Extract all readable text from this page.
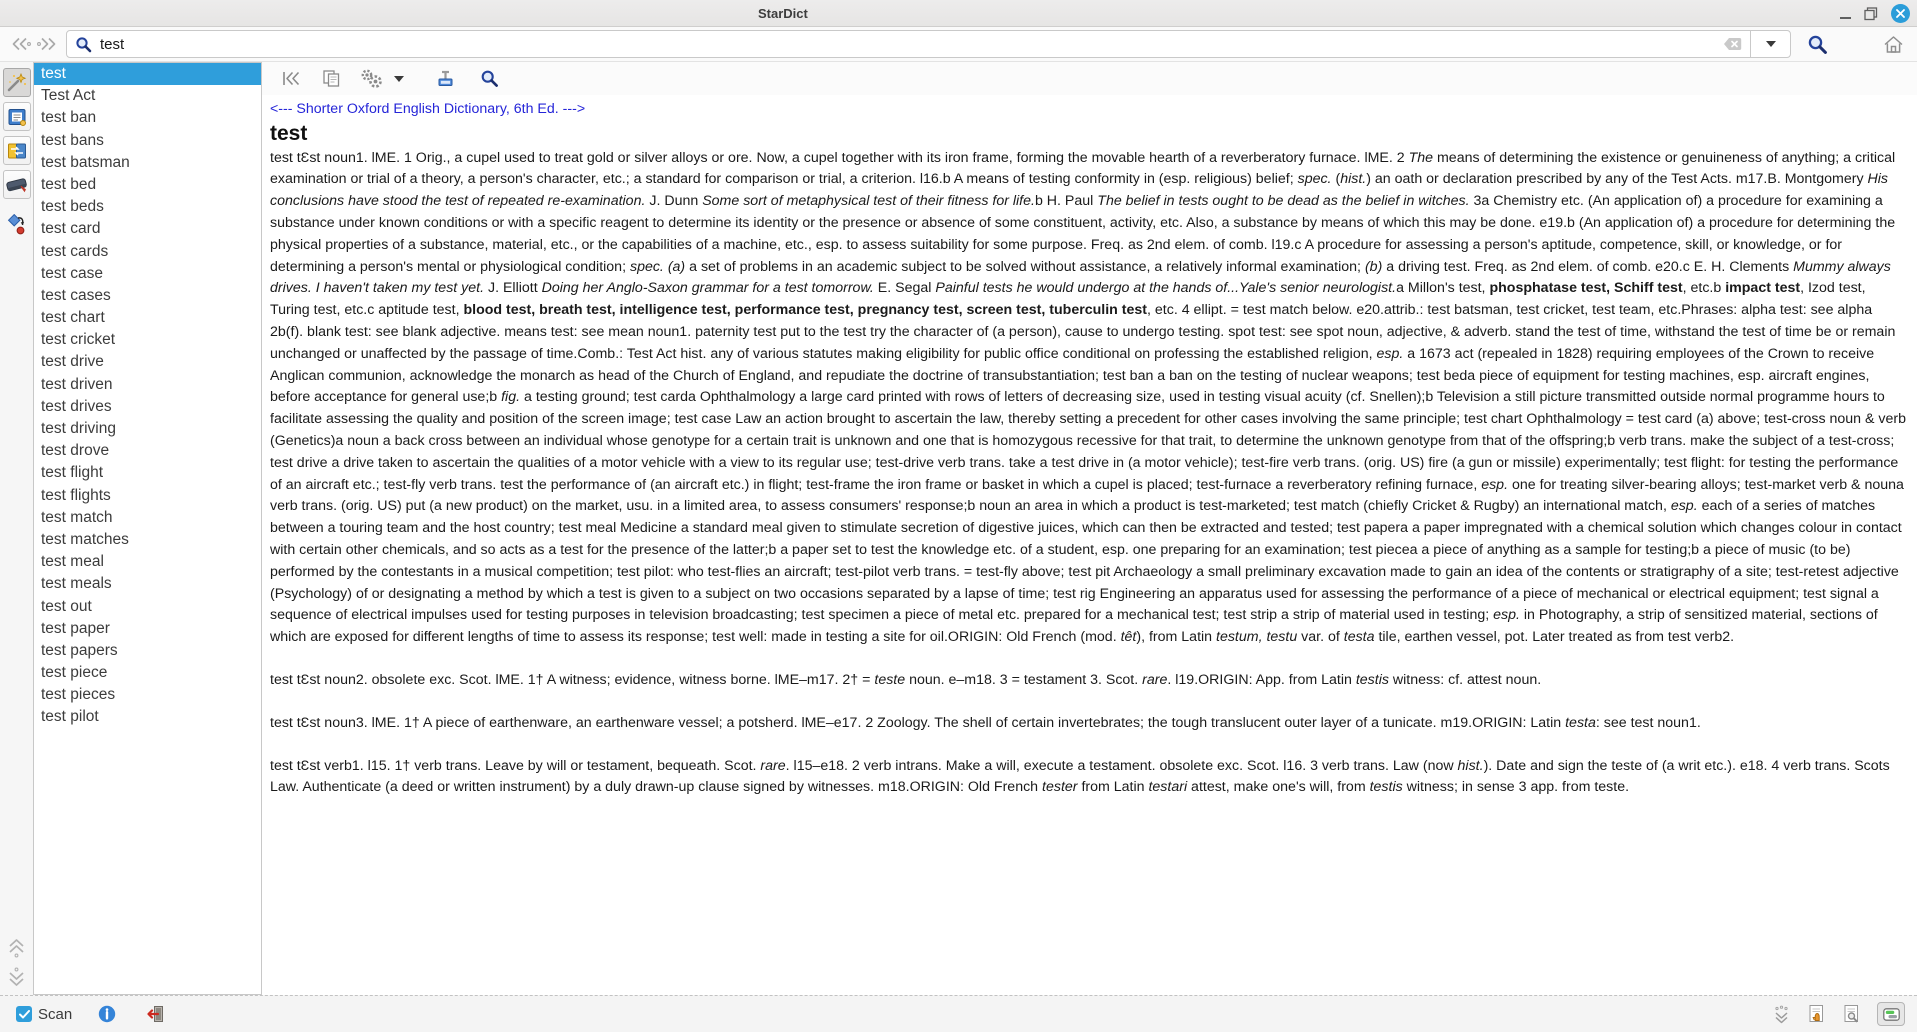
StarDict
test
test
Test Act
test ban
test bans
test batsman
test bed
test beds
test card
test cards
test case
test cases
test chart
test cricket
test drive
test driven
test drives
test driving
test drove
test flight
test flights
test match
test matches
test meal
test meals
test out
test paper
test papers
test piece
test pieces
test pilot
<--- Shorter Oxford English Dictionary, 6th Ed. --->
test
test tƐst noun1. lME. 1 Orig., a cupel used to treat gold or silver alloys or ore. Now, a cupel together with its iron frame, forming the movable hearth of a reverberatory furnace. lME. 2 The means of determining the existence or genuineness of anything; a critical examination or trial of a theory, a person's character, etc.; a standard for comparison or trial, a criterion. l16.b A means of testing conformity in (esp. religious) belief; spec. (hist.) an oath or declaration prescribed by any of the Test Acts. m17.B. Montgomery His conclusions have stood the test of repeated re-examination. J. Dunn Some sort of metaphysical test of their fitness for life.b H. Paul The belief in tests ought to be dead as the belief in witches. 3a Chemistry etc. (An application of) a procedure for examining a substance under known conditions or with a specific reagent to determine its identity or the presence or absence of some constituent, activity, etc. Also, a substance by means of which this may be done. e19.b (An application of) a procedure for determining the physical properties of a substance, material, etc., or the capabilities of a machine, etc., esp. to assess suitability for some purpose. Freq. as 2nd elem. of comb. l19.c A procedure for assessing a person's aptitude, competence, skill, or knowledge, or for determining a person's mental or physiological condition; spec. (a) a set of problems in an academic subject to be solved without assistance, a relatively informal examination; (b) a driving test. Freq. as 2nd elem. of comb. e20.c E. H. Clements Mummy always drives. I haven't taken my test yet. J. Elliott Doing her Anglo-Saxon grammar for a test tomorrow. E. Segal Painful tests he would undergo at the hands of...Yale's senior neurologist.a Millon's test, phosphatase test, Schiff test, etc.b impact test, Izod test, Turing test, etc.c aptitude test, blood test, breath test, intelligence test, performance test, pregnancy test, screen test, tuberculin test, etc. 4 ellipt. = test match below. e20.attrib.: test batsman, test cricket, test team, etc.Phrases: alpha test: see alpha 2b(f). blank test: see blank adjective. means test: see mean noun1. paternity test put to the test try the character of (a person), cause to undergo testing. spot test: see spot noun, adjective, & adverb. stand the test of time, withstand the test of time be or remain unchanged or unaffected by the passage of time.Comb.: Test Act hist. any of various statutes making eligibility for public office conditional on professing the established religion, esp. a 1673 act (repealed in 1828) requiring employees of the Crown to receive Anglican communion, acknowledge the monarch as head of the Church of England, and repudiate the doctrine of transubstantiation; test ban a ban on the testing of nuclear weapons; test beda piece of equipment for testing machines, esp. aircraft engines, before acceptance for general use;b fig. a testing ground; test carda Ophthalmology a large card printed with rows of letters of decreasing size, used in testing visual acuity (cf. Snellen);b Television a still picture transmitted outside normal programme hours to facilitate assessing the quality and position of the screen image; test case Law an action brought to ascertain the law, thereby setting a precedent for other cases involving the same principle; test chart Ophthalmology = test card (a) above; test-cross noun & verb (Genetics)a noun a back cross between an individual whose genotype for a certain trait is unknown and one that is homozygous recessive for that trait, to determine the unknown genotype from that of the offspring;b verb trans. make the subject of a test-cross; test drive a drive taken to ascertain the qualities of a motor vehicle with a view to its regular use; test-drive verb trans. take a test drive in (a motor vehicle); test-fire verb trans. (orig. US) fire (a gun or missile) experimentally; test flight: for testing the performance of an aircraft etc.; test-fly verb trans. test the performance of (an aircraft etc.) in flight; test-frame the iron frame or basket in which a cupel is placed; test-furnace a reverberatory refining furnace, esp. one for treating silver-bearing alloys; test-market verb & nouna verb trans. (orig. US) put (a new product) on the market, usu. in a limited area, to assess consumers' response;b noun an area in which a product is test-marketed; test match (chiefly Cricket & Rugby) an international match, esp. each of a series of matches between a touring team and the host country; test meal Medicine a standard meal given to stimulate secretion of digestive juices, which can then be extracted and tested; test papera a paper impregnated with a chemical solution which changes colour in contact with certain other chemicals, and so acts as a test for the presence of the latter;b a paper set to test the knowledge etc. of a student, esp. one preparing for an examination; test piecea a piece of anything as a sample for testing;b a piece of music (to be) performed by the contestants in a musical competition; test pilot: who test-flies an aircraft; test-pilot verb trans. = test-fly above; test pit Archaeology a small preliminary excavation made to gain an idea of the contents or stratigraphy of a site; test-retest adjective (Psychology) of or designating a method by which a test is given to a subject on two occasions separated by a lapse of time; test rig Engineering an apparatus used for assessing the performance of a piece of mechanical or electrical equipment; test signal a sequence of electrical impulses used for testing purposes in television broadcasting; test specimen a piece of metal etc. prepared for a mechanical test; test strip a strip of material used in testing; esp. in Photography, a strip of sensitized material, sections of which are exposed for different lengths of time to assess its response; test well: made in testing a site for oil.ORIGIN: Old French (mod. têt), from Latin testum, testu var. of testa tile, earthen vessel, pot. Later treated as from test verb2.
test tƐst noun2. obsolete exc. Scot. lME. 1† A witness; evidence, witness borne. lME–m17. 2† = teste noun. e–m18. 3 = testament 3. Scot. rare. l19.ORIGIN: App. from Latin testis witness: cf. attest noun.
test tƐst noun3. lME. 1† A piece of earthenware, an earthenware vessel; a potsherd. lME–e17. 2 Zoology. The shell of certain invertebrates; the tough translucent outer layer of a tunicate. m19.ORIGIN: Latin testa: see test noun1.
test tƐst verb1. l15. 1† verb trans. Leave by will or testament, bequeath. Scot. rare. l15–e18. 2 verb intrans. Make a will, execute a testament. obsolete exc. Scot. l16. 3 verb trans. Law (now hist.). Date and sign the teste of (a writ etc.). e18. 4 verb trans. Scots Law. Authenticate (a deed or written instrument) by a duly drawn-up clause signed by witnesses. m18.ORIGIN: Old French tester from Latin testari attest, make one's will, from testis witness; in sense 3 app. from teste.
Scan
